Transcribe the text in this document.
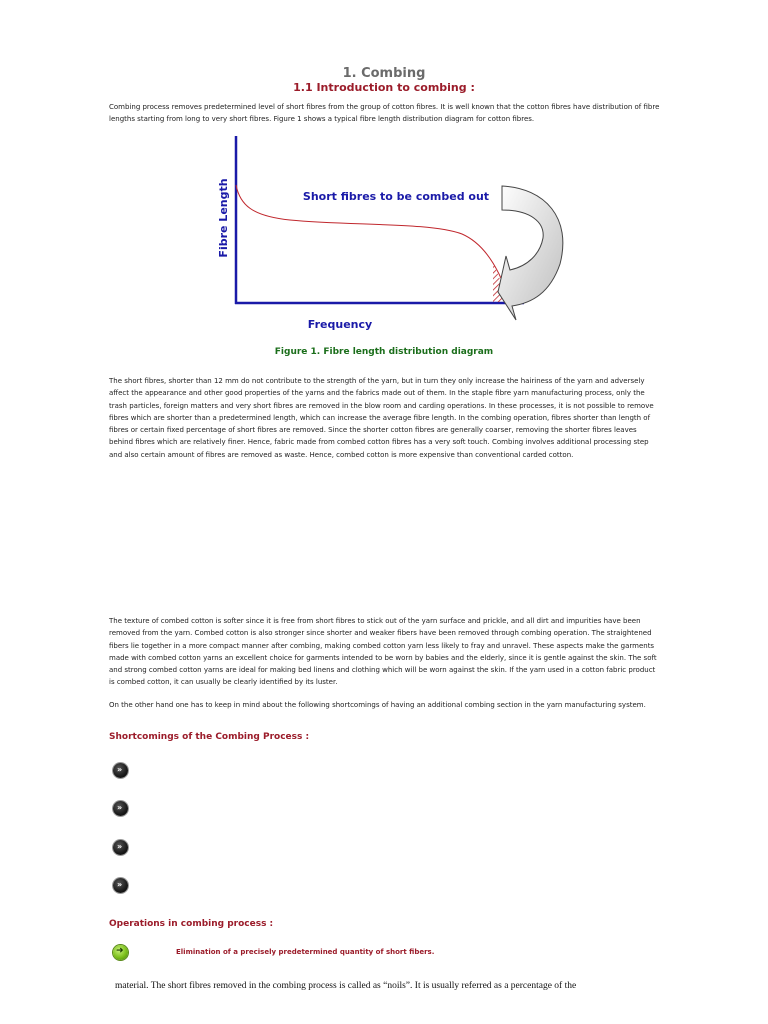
1. Combing
1.1 Introduction to combing :

Combing process removes predetermined level of short fibres from the group of cotton fibres. It is well known that the cotton fibres have distribution of fibre lengths starting from long to very short fibres. Figure 1 shows a typical fibre length distribution diagram for cotton fibres.

Fibre Length
Frequency
Short fibres to be combed out
Figure 1. Fibre length distribution diagram

The short fibres, shorter than 12 mm do not contribute to the strength of the yarn, but in turn they only increase the hairiness of the yarn and adversely affect the appearance and other good properties of the yarns and the fabrics made out of them. In the staple fibre yarn manufacturing process, only the trash particles, foreign matters and very short fibres are removed in the blow room and carding operations. In these processes, it is not possible to remove fibres which are shorter than a predetermined length, which can increase the average fibre length. In the combing operation, fibres shorter than length of fibres or certain fixed percentage of short fibres are removed. Since the shorter cotton fibres are generally coarser, removing the shorter fibres leaves behind fibres which are relatively finer. Hence, fabric made from combed cotton fibres has a very soft touch. Combing involves additional processing step and also certain amount of fibres are removed as waste. Hence, combed cotton is more expensive than conventional carded cotton.

The texture of combed cotton is softer since it is free from short fibres to stick out of the yarn surface and prickle, and all dirt and impurities have been removed from the yarn. Combed cotton is also stronger since shorter and weaker fibers have been removed through combing operation. The straightened fibers lie together in a more compact manner after combing, making combed cotton yarn less likely to fray and unravel. These aspects make the garments made with combed cotton yarns an excellent choice for garments intended to be worn by babies and the elderly, since it is gentle against the skin. The soft and strong combed cotton yarns are ideal for making bed linens and clothing which will be worn against the skin. If the yarn used in a cotton fabric product is combed cotton, it can usually be clearly identified by its luster.

On the other hand one has to keep in mind about the following shortcomings of having an additional combing section in the yarn manufacturing system.

Shortcomings of the Combing Process :
»
»
»
»
Operations in combing process :
➜	Elimination of a precisely predetermined quantity of short fibers.
material. The short fibres removed in the combing process is called as “noils”. It is usually referred as a percentage of the
